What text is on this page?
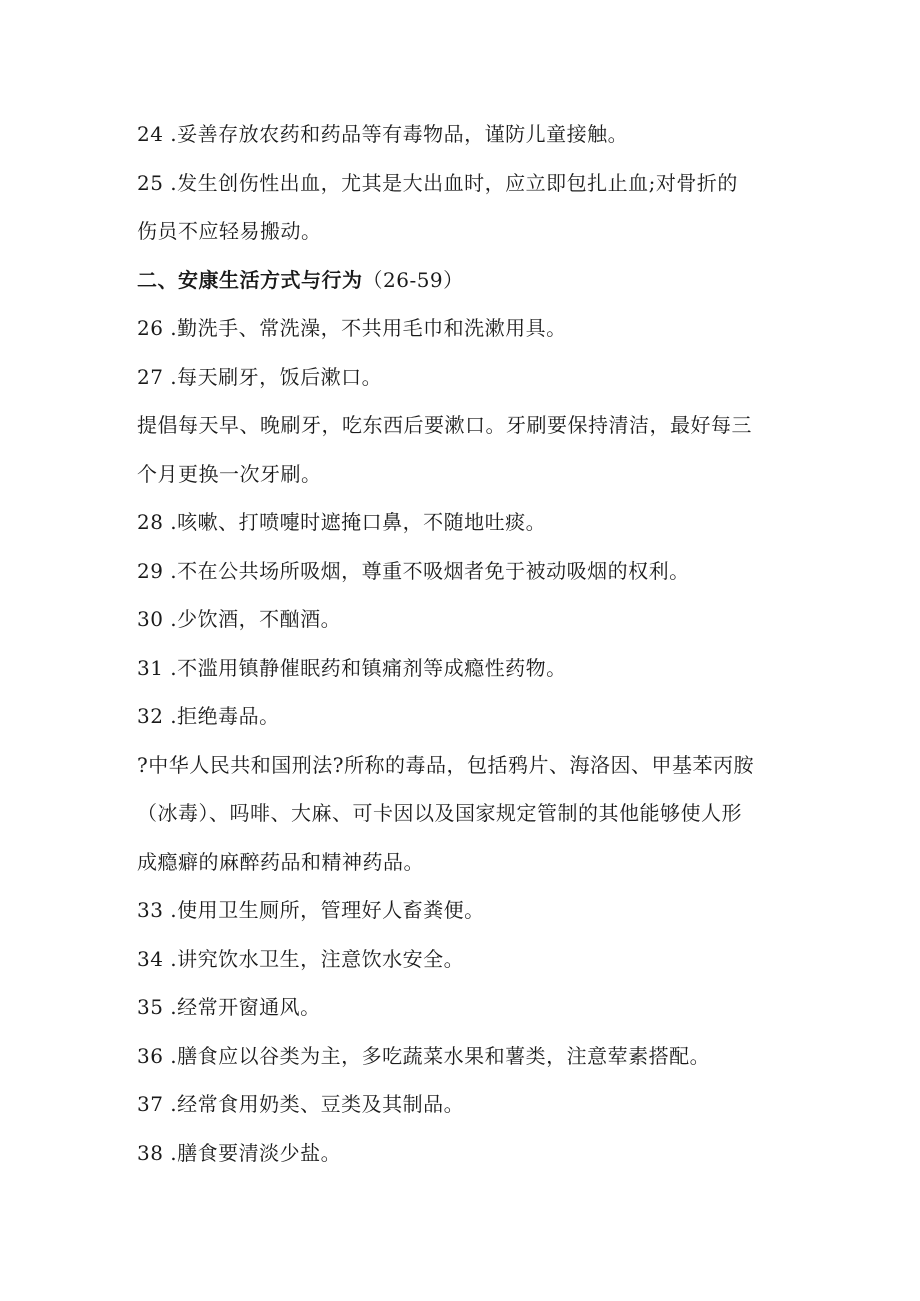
24 .妥善存放农药和药品等有毒物品，谨防儿童接触。
25 .发生创伤性出血，尤其是大出血时，应立即包扎止血;对骨折的
伤员不应轻易搬动。
二、安康生活方式与行为（26-59）
26 .勤洗手、常洗澡，不共用毛巾和洗漱用具。
27 .每天刷牙，饭后漱口。
提倡每天早、晚刷牙，吃东西后要漱口。牙刷要保持清洁，最好每三
个月更换一次牙刷。
28 .咳嗽、打喷嚏时遮掩口鼻，不随地吐痰。
29 .不在公共场所吸烟，尊重不吸烟者免于被动吸烟的权利。
30 .少饮酒，不酗酒。
31 .不滥用镇静催眠药和镇痛剂等成瘾性药物。
32 .拒绝毒品。
?中华人民共和国刑法?所称的毒品，包括鸦片、海洛因、甲基苯丙胺
（冰毒）、吗啡、大麻、可卡因以及国家规定管制的其他能够使人形
成瘾癖的麻醉药品和精神药品。
33 .使用卫生厕所，管理好人畜粪便。
34 .讲究饮水卫生，注意饮水安全。
35 .经常开窗通风。
36 .膳食应以谷类为主，多吃蔬菜水果和薯类，注意荤素搭配。
37 .经常食用奶类、豆类及其制品。
38 .膳食要清淡少盐。
